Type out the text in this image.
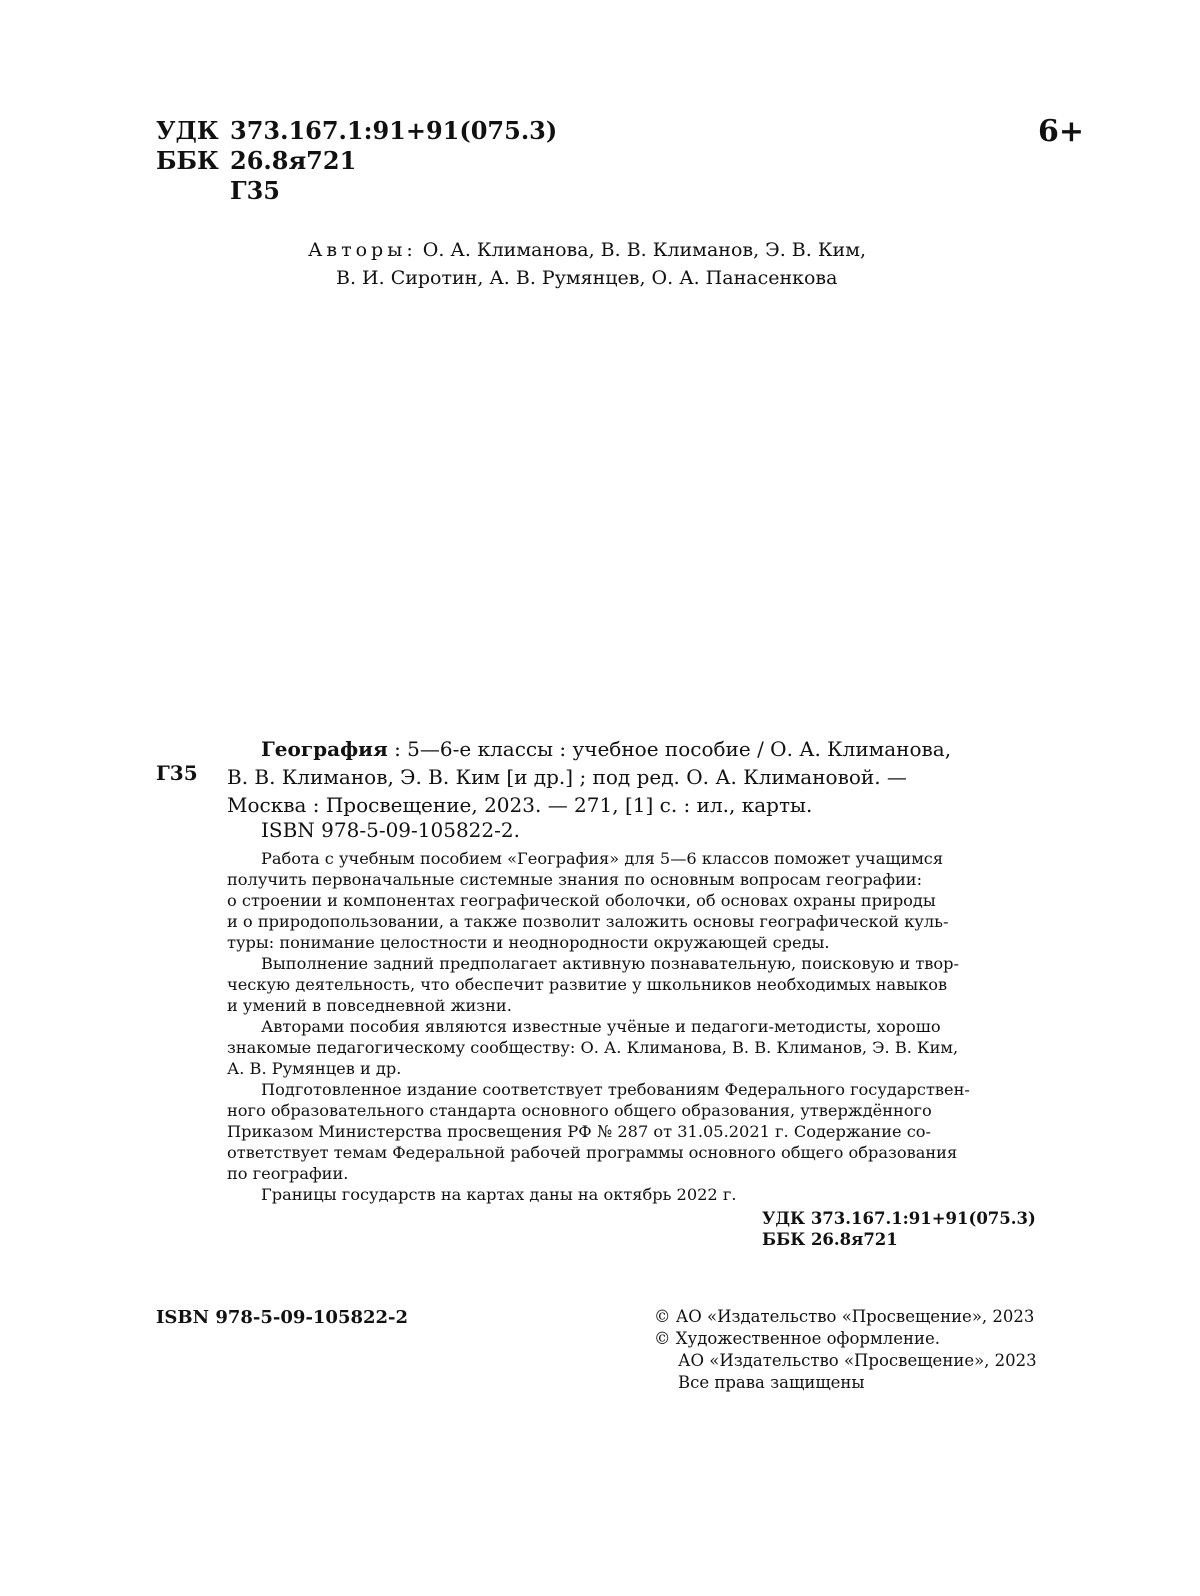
УДК 373.167.1:91+91(075.3)
ББК 26.8я721
Г35
6+
Авторы: О. А. Климанова, В. В. Климанов, Э. В. Ким,
В. И. Сиротин, А. В. Румянцев, О. А. Панасенкова
Г35
География : 5—6-е классы : учебное пособие / О. А. Климанова,
В. В. Климанов, Э. В. Ким [и др.] ; под ред. О. А. Климановой. —
Москва : Просвещение, 2023. — 271, [1] с. : ил., карты.
ISBN 978-5-09-105822-2.

Работа с учебным пособием «География» для 5—6 классов поможет учащимся

получить первоначальные системные знания по основным вопросам географии:

о строении и компонентах географической оболочки, об основах охраны природы

и о природопользовании, а также позволит заложить основы географической куль-

туры: понимание целостности и неоднородности окружающей среды.

Выполнение задний предполагает активную познавательную, поисковую и твор-

ческую деятельность, что обеспечит развитие у школьников необходимых навыков

и умений в повседневной жизни.

Авторами пособия являются известные учёные и педагоги-методисты, хорошо

знакомые педагогическому сообществу: О. А. Климанова, В. В. Климанов, Э. В. Ким,

А. В. Румянцев и др.

Подготовленное издание соответствует требованиям Федерального государствен-

ного образовательного стандарта основного общего образования, утверждённого

Приказом Министерства просвещения РФ № 287 от 31.05.2021 г. Содержание со-

ответствует темам Федеральной рабочей программы основного общего образования

по географии.

Границы государств на картах даны на октябрь 2022 г.

УДК 373.167.1:91+91(075.3)
ББК 26.8я721
ISBN 978-5-09-105822-2	© АО «Издательство «Просвещение», 2023
© Художественное оформление.
АО «Издательство «Просвещение», 2023
Все права защищены
